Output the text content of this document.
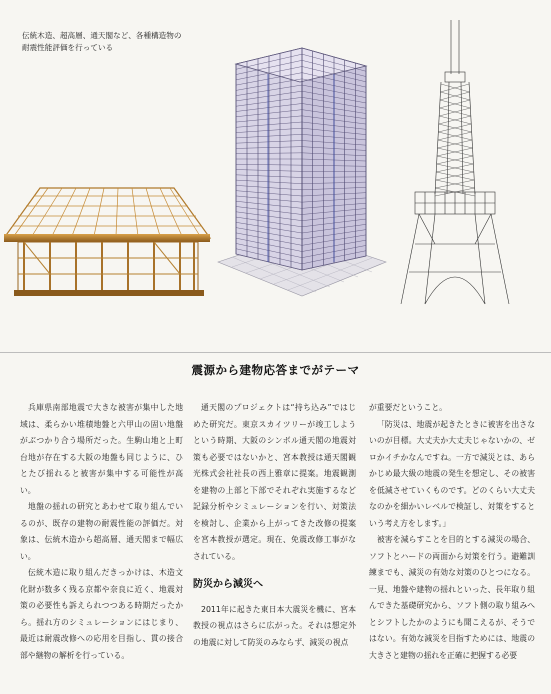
伝統木造、超高層、通天閣など、各種構造物の
耐震性能評価を行っている
震源から建物応答までがテーマ

兵庫県南部地震で大きな被害が集中した地域は、柔らかい堆積地盤と六甲山の固い地盤がぶつかり合う場所だった。生駒山地と上町台地が存在する大阪の地盤も同じように、ひとたび揺れると被害が集中する可能性が高い。

地盤の揺れの研究とあわせて取り組んでいるのが、既存の建物の耐震性能の評価だ。対象は、伝統木造から超高層、通天閣まで幅広い。

伝統木造に取り組んだきっかけは、木造文化財が数多く残る京都や奈良に近く、地震対策の必要性も訴えられつつある時期だったから。揺れ方のシミュレーションにはじまり、最近は耐震改修への応用を目指し、貫の接合部や継物の解析を行っている。

通天閣のプロジェクトは“持ち込み”ではじめた研究だ。東京スカイツリーが竣工しようという時期、大阪のシンボル通天閣の地震対策も必要ではないかと、宮本教授は通天閣観光株式会社社長の西上雅章に提案。地震観測を建物の上部と下部でそれぞれ実施するなど記録分析やシミュレーションを行い、対策法を検討し、企業から上がってきた改修の提案を宮本教授が選定。現在、免震改修工事がなされている。

防災から減災へ

2011年に起きた東日本大震災を機に、宮本教授の視点はさらに広がった。それは想定外の地震に対して防災のみならず、減災の視点

が重要だということ。

「防災は、地震が起きたときに被害を出さないのが目標。大丈夫か大丈夫じゃないかの、ゼロかイチかなんですね。一方で減災とは、あらかじめ最大級の地震の発生を想定し、その被害を低減させていくものです。どのくらい大丈夫なのかを細かいレベルで検証し、対策をするという考え方をします。」

被害を減らすことを目的とする減災の場合、ソフトとハードの両面から対策を行う。避難訓練までも、減災の有効な対策のひとつになる。一見、地盤や建物の揺れといった、長年取り組んできた基礎研究から、ソフト側の取り組みへとシフトしたかのようにも聞こえるが、そうではない。有効な減災を目指すためには、地震の大きさと建物の揺れを正確に把握する必要
